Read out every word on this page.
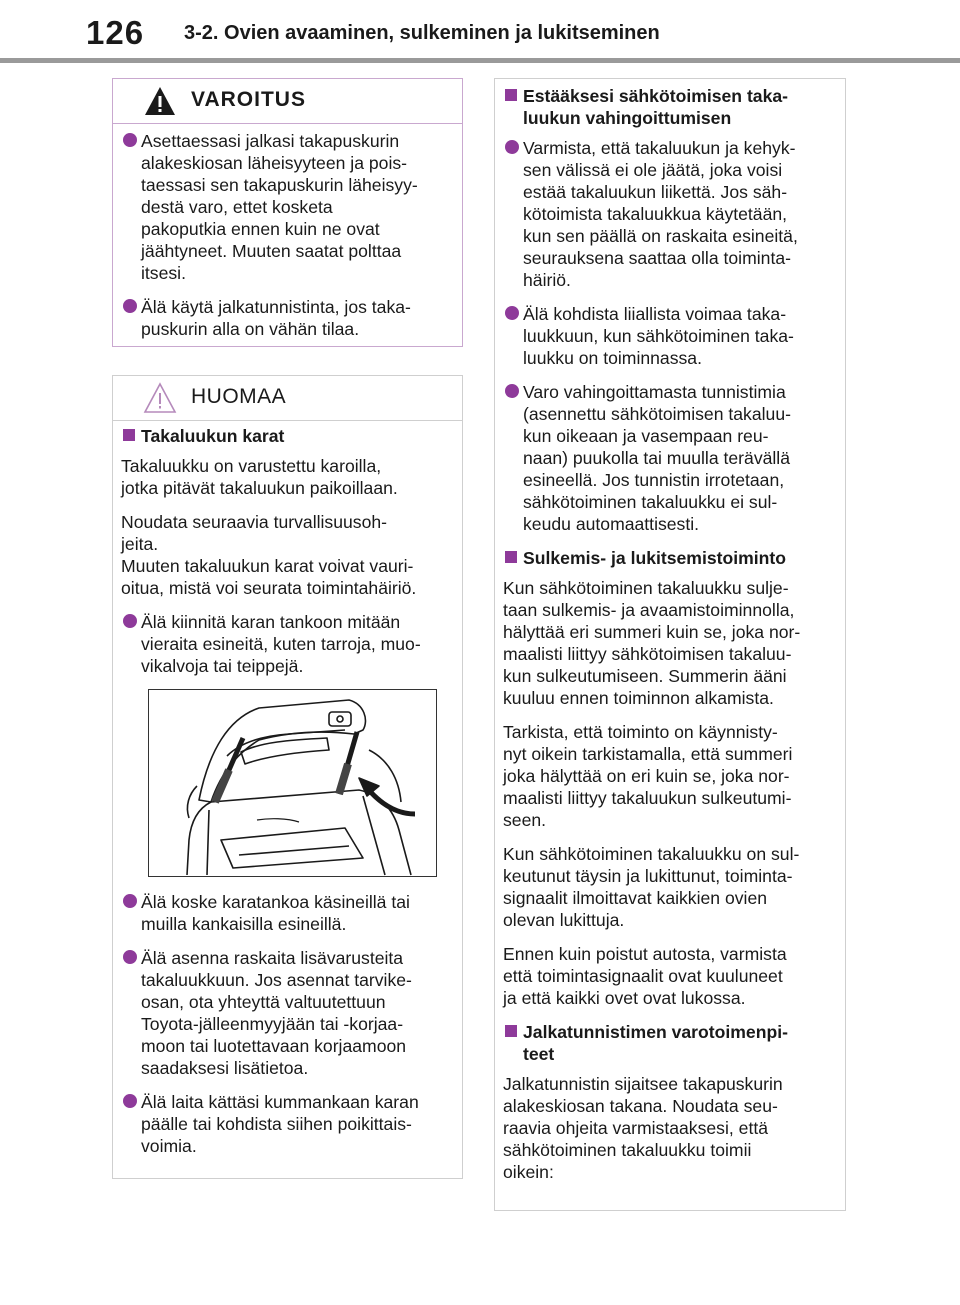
126 3-2. Ovien avaaminen, sulkeminen ja lukitseminen
VAROITUS
Asettaessasi jalkasi takapuskurin
alakeskiosan läheisyyteen ja pois-
taessasi sen takapuskurin läheisyy-
destä varo, ettet kosketa
pakoputkia ennen kuin ne ovat
jäähtyneet. Muuten saatat polttaa
itsesi.
Älä käytä jalkatunnistinta, jos taka-
puskurin alla on vähän tilaa.
HUOMAA
Takaluukun karat
Takaluukku on varustettu karoilla,
jotka pitävät takaluukun paikoillaan.
Noudata seuraavia turvallisuusoh-
jeita.
Muuten takaluukun karat voivat vauri-
oitua, mistä voi seurata toimintahäiriö.
Älä kiinnitä karan tankoon mitään
vieraita esineitä, kuten tarroja, muo-
vikalvoja tai teippejä.
Älä koske karatankoa käsineillä tai
muilla kankaisilla esineillä.
Älä asenna raskaita lisävarusteita
takaluukkuun. Jos asennat tarvike-
osan, ota yhteyttä valtuutettuun
Toyota-jälleenmyyjään tai -korjaa-
moon tai luotettavaan korjaamoon
saadaksesi lisätietoa.
Älä laita kättäsi kummankaan karan
päälle tai kohdista siihen poikittais-
voimia.
Estääksesi sähkötoimisen taka-
luukun vahingoittumisen
Varmista, että takaluukun ja kehyk-
sen välissä ei ole jäätä, joka voisi
estää takaluukun liikettä. Jos säh-
kötoimista takaluukkua käytetään,
kun sen päällä on raskaita esineitä,
seurauksena saattaa olla toiminta-
häiriö.
Älä kohdista liiallista voimaa taka-
luukkuun, kun sähkötoiminen taka-
luukku on toiminnassa.
Varo vahingoittamasta tunnistimia
(asennettu sähkötoimisen takaluu-
kun oikeaan ja vasempaan reu-
naan) puukolla tai muulla terävällä
esineellä. Jos tunnistin irrotetaan,
sähkötoiminen takaluukku ei sul-
keudu automaattisesti.
Sulkemis- ja lukitsemistoiminto
Kun sähkötoiminen takaluukku sulje-
taan sulkemis- ja avaamistoiminnolla,
hälyttää eri summeri kuin se, joka nor-
maalisti liittyy sähkötoimisen takaluu-
kun sulkeutumiseen. Summerin ääni
kuuluu ennen toiminnon alkamista.
Tarkista, että toiminto on käynnisty-
nyt oikein tarkistamalla, että summeri
joka hälyttää on eri kuin se, joka nor-
maalisti liittyy takaluukun sulkeutumi-
seen.
Kun sähkötoiminen takaluukku on sul-
keutunut täysin ja lukittunut, toiminta-
signaalit ilmoittavat kaikkien ovien
olevan lukittuja.
Ennen kuin poistut autosta, varmista
että toimintasignaalit ovat kuuluneet
ja että kaikki ovet ovat lukossa.
Jalkatunnistimen varotoimenpi-
teet
Jalkatunnistin sijaitsee takapuskurin
alakeskiosan takana. Noudata seu-
raavia ohjeita varmistaaksesi, että
sähkötoiminen takaluukku toimii
oikein:
